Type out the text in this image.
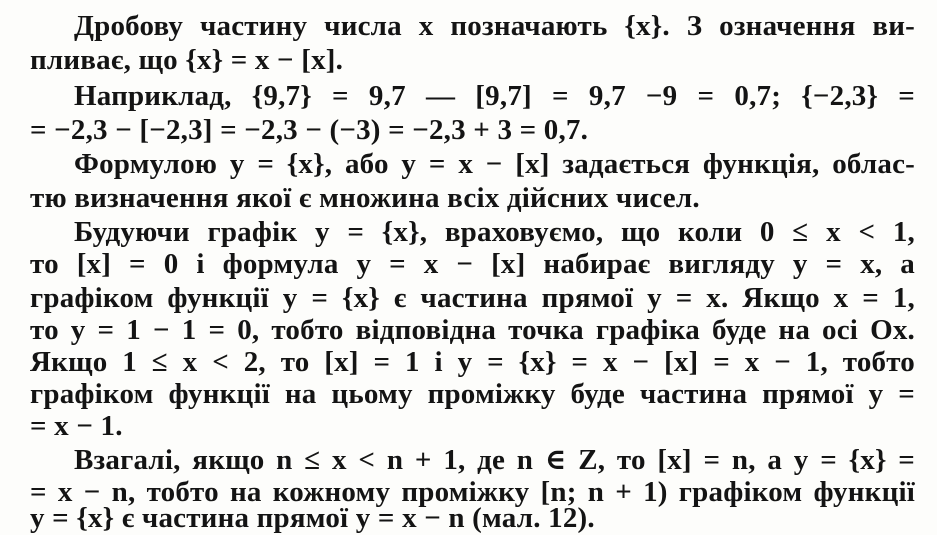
Дробову частину числа x позначають {x}. З означення ви-
пливає, що {x} = x − [x].
Наприклад, {9,7} = 9,7 — [9,7] = 9,7 −9 = 0,7; {−2,3} =
= −2,3 − [−2,3] = −2,3 − (−3) = −2,3 + 3 = 0,7.
Формулою y = {x}, або y = x − [x] задається функція, облас-
тю визначення якої є множина всіх дійсних чисел.
Будуючи графік y = {x}, враховуємо, що коли 0 ≤ x < 1,
то [x] = 0 і формула y = x − [x] набирає вигляду y = x, а
графіком функції y = {x} є частина прямої y = x. Якщо x = 1,
то y = 1 − 1 = 0, тобто відповідна точка графіка буде на осі Ox.
Якщо 1 ≤ x < 2, то [x] = 1 і y = {x} = x − [x] = x − 1, тобто
графіком функції на цьому проміжку буде частина прямої y =
= x − 1.
Взагалі, якщо n ≤ x < n + 1, де n ∈ Z, то [x] = n, а y = {x} =
= x − n, тобто на кожному проміжку [n; n + 1) графіком функції
y = {x} є частина прямої y = x − n (мал. 12).
